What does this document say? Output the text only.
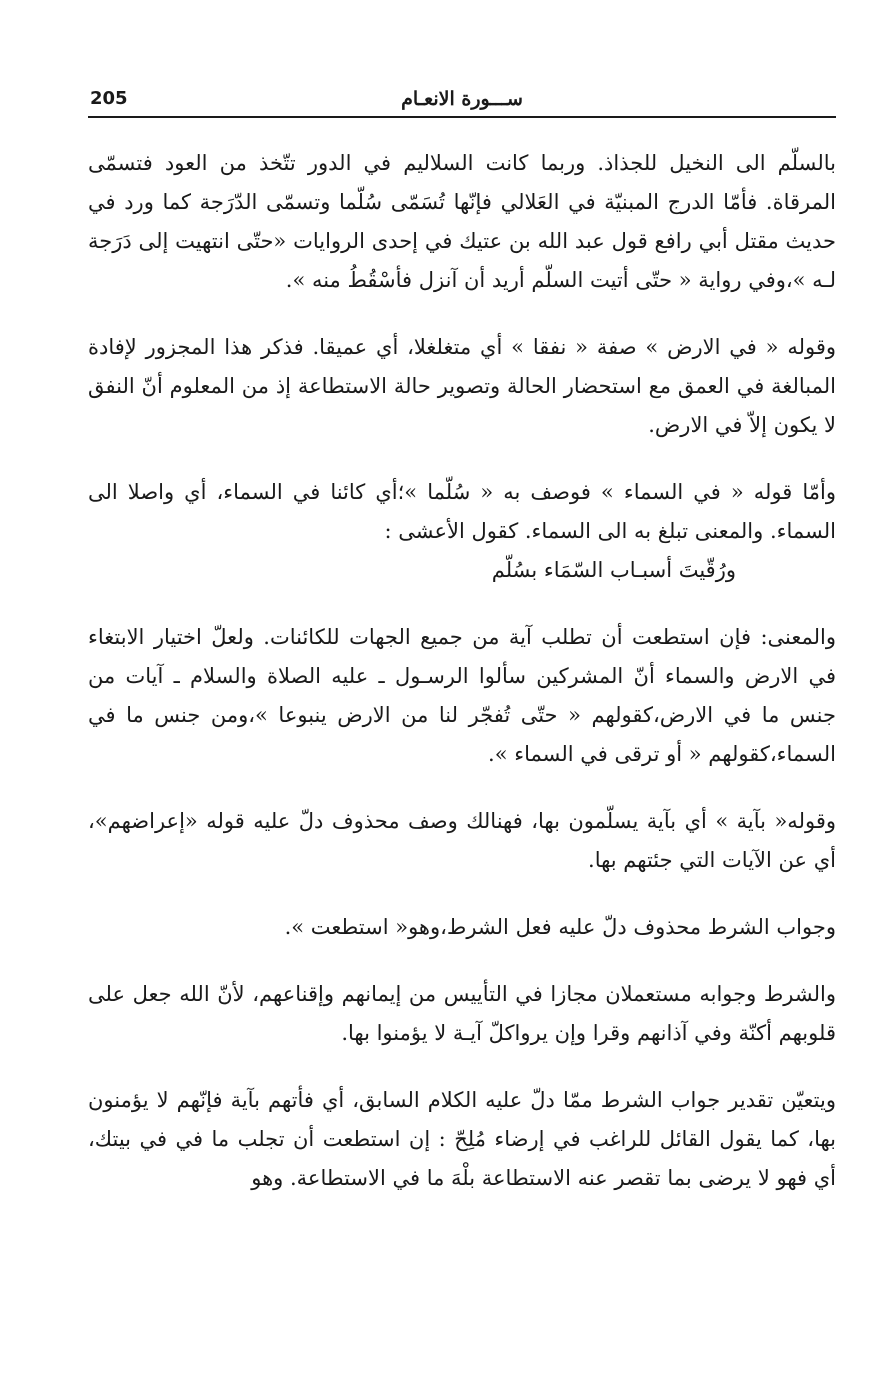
205	ســـورة الانعـام

بالسلّم الى النخيل للجذاذ. وربما كانت السلاليم في الدور تتّخذ من العود فتسمّى المرقاة. فأمّا الدرج المبنيّة في العَلالي فإنّها تُسَمّى سُلّما وتسمّى الدّرَجة كما ورد في حديث مقتل أبي رافع قول عبد الله بن عتيك في إحدى الروايات «حتّى انتهيت إلى دَرَجة لـه »،وفي رواية « حتّى أتيت السلّم أريد أن آنزل فأسْقُطُ منه ».

وقوله « في الارض » صفة « نفقا » أي متغلغلا، أي عميقا. فذكر هذا المجزور لإفادة المبالغة في العمق مع استحضار الحالة وتصوير حالة الاستطاعة إذ من المعلوم أنّ النفق لا يكون إلاّ في الارض.

وأمّا قوله « في السماء » فوصف به « سُلّما »؛أي كائنا في السماء، أي واصلا الى السماء. والمعنى تبلغ به الى السماء. كقول الأعشى :

ورُقّيتَ أسبـاب السّمَاء بسُلّم

والمعنى: فإن استطعت أن تطلب آية من جميع الجهات للكائنات. ولعلّ اختيار الابتغاء في الارض والسماء أنّ المشركين سألوا الرسـول ـ عليه الصلاة والسلام ـ آيات من جنس ما في الارض،كقولهم « حتّى تُفجّر لنا من الارض ينبوعا »،ومن جنس ما في السماء،كقولهم « أو ترقى في السماء ».

وقوله« بآية » أي بآية يسلّمون بها، فهنالك وصف محذوف دلّ عليه قوله «إعراضهم»، أي عن الآيات التي جئتهم بها.

وجواب الشرط محذوف دلّ عليه فعل الشرط،وهو« استطعت ».

والشرط وجوابه مستعملان مجازا في التأييس من إيمانهم وإقناعهم، لأنّ الله جعل على قلوبهم أكنّة وفي آذانهم وقرا وإن يرواكلّ آيـة لا يؤمنوا بها.

ويتعيّن تقدير جواب الشرط ممّا دلّ عليه الكلام السابق، أي فأتهم بآية فإنّهم لا يؤمنون بها، كما يقول القائل للراغب في إرضاء مُلِحّ : إن استطعت أن تجلب ما في في بيتك، أي فهو لا يرضى بما تقصر عنه الاستطاعة بلْهَ ما في الاستطاعة. وهو
